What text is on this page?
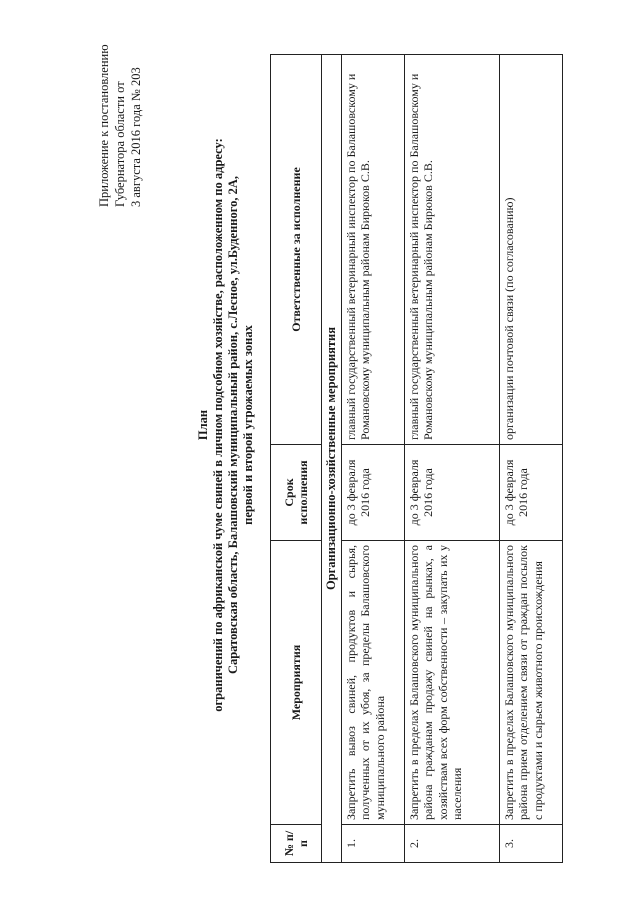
Приложение к постановлению Губернатора области от 3 августа 2016 года № 203
План ограничений по африканской чуме свиней в личном подсобном хозяйстве, расположенном по адресу: Саратовская область, Балашовский муниципальный район, с.Лесное, ул.Буденного, 2А, первой и второй угрожаемых зонах
№ п/п	Мероприятия	Срок исполнения	Ответственные за исполнение
Организационно-хозяйственные мероприятия			
1.	Запретить вывоз свиней, продуктов и сырья, полученных от их убоя, за пределы Балашовского муниципального района	до 3 февраля 2016 года	главный государственный ветеринарный инспектор по Балашовскому и Романовскому муниципальным районам Бирюков С.В.
2.	Запретить в пределах Балашовского муниципального района гражданам продажу свиней на рынках, а хозяйствам всех форм собственности – закупать их у населения	до 3 февраля 2016 года	главный государственный ветеринарный инспектор по Балашовскому и Романовскому муниципальным районам Бирюков С.В.
3.	Запретить в пределах Балашовского муниципального района прием отделением связи от граждан посылок с продуктами и сырьем животного происхождения	до 3 февраля 2016 года	организации почтовой связи (по согласованию)
